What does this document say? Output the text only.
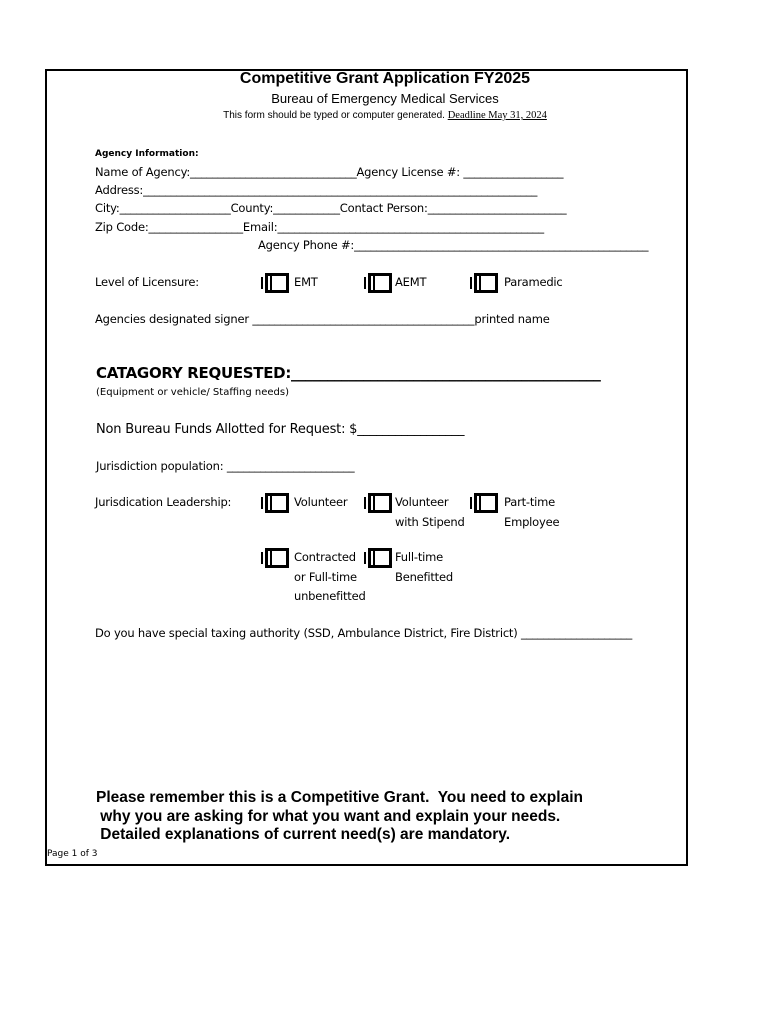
Competitive Grant Application FY2025
Bureau of Emergency Medical Services
This form should be typed or computer generated. Deadline May 31, 2024
Agency Information:
Name of Agency:______________________________Agency License #: __________________
Address:_______________________________________________________________________
City:____________________County:____________Contact Person:_________________________
Zip Code:_________________Email:________________________________________________
Agency Phone #:_____________________________________________________
Level of Licensure:	EMT	AEMT	Paramedic
Agencies designated signer ________________________________________printed name
CATAGORY REQUESTED:___________________________________________
(Equipment or vehicle/ Staffing needs)
Non Bureau Funds Allotted for Request: $_________________
Jurisdiction population: _______________________
Jurisdication Leadership:	Volunteer	Volunteer
with Stipend
Part-time
Employee
Contracted
or Full-time
unbenefitted
Full-time
Benefitted
Do you have special taxing authority (SSD, Ambulance District, Fire District) ____________________
Please remember this is a Competitive Grant.  You need to explain
why you are asking for what you want and explain your needs.
Detailed explanations of current need(s) are mandatory.
Page 1 of 3
